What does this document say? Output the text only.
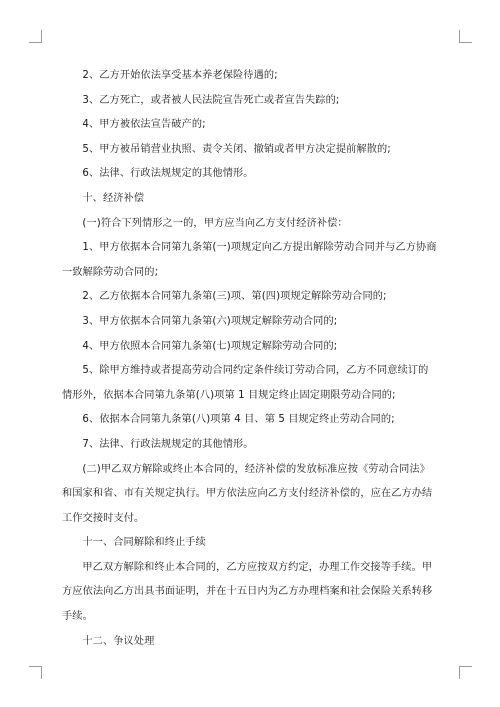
2、乙方开始依法享受基本养老保险待遇的;

3、乙方死亡，或者被人民法院宣告死亡或者宣告失踪的;

4、甲方被依法宣告破产的;

5、甲方被吊销营业执照、责令关闭、撤销或者甲方决定提前解散的;

6、法律、行政法规规定的其他情形。

十、经济补偿

(一)符合下列情形之一的，甲方应当向乙方支付经济补偿：

1、甲方依据本合同第九条第(一)项规定向乙方提出解除劳动合同并与乙方协商一致解除劳动合同的;

2、乙方依据本合同第九条第(三)项、第(四)项规定解除劳动合同的;

3、甲方依据本合同第九条第(六)项规定解除劳动合同的;

4、甲方依照本合同第九条第(七)项规定解除劳动合同的;

5、除甲方维持或者提高劳动合同约定条件续订劳动合同，乙方不同意续订的情形外，依据本合同第九条第(八)项第 1 目规定终止固定期限劳动合同的;

6、依据本合同第九条第(八)项第 4 目、第 5 目规定终止劳动合同的;

7、法律、行政法规规定的其他情形。

(二)甲乙双方解除或终止本合同的，经济补偿的发放标准应按《劳动合同法》和国家和省、市有关规定执行。甲方依法应向乙方支付经济补偿的，应在乙方办结工作交接时支付。

十一、合同解除和终止手续

甲乙双方解除和终止本合同的，乙方应按双方约定，办理工作交接等手续。甲方应依法向乙方出具书面证明，并在十五日内为乙方办理档案和社会保险关系转移手续。

十二、争议处理
